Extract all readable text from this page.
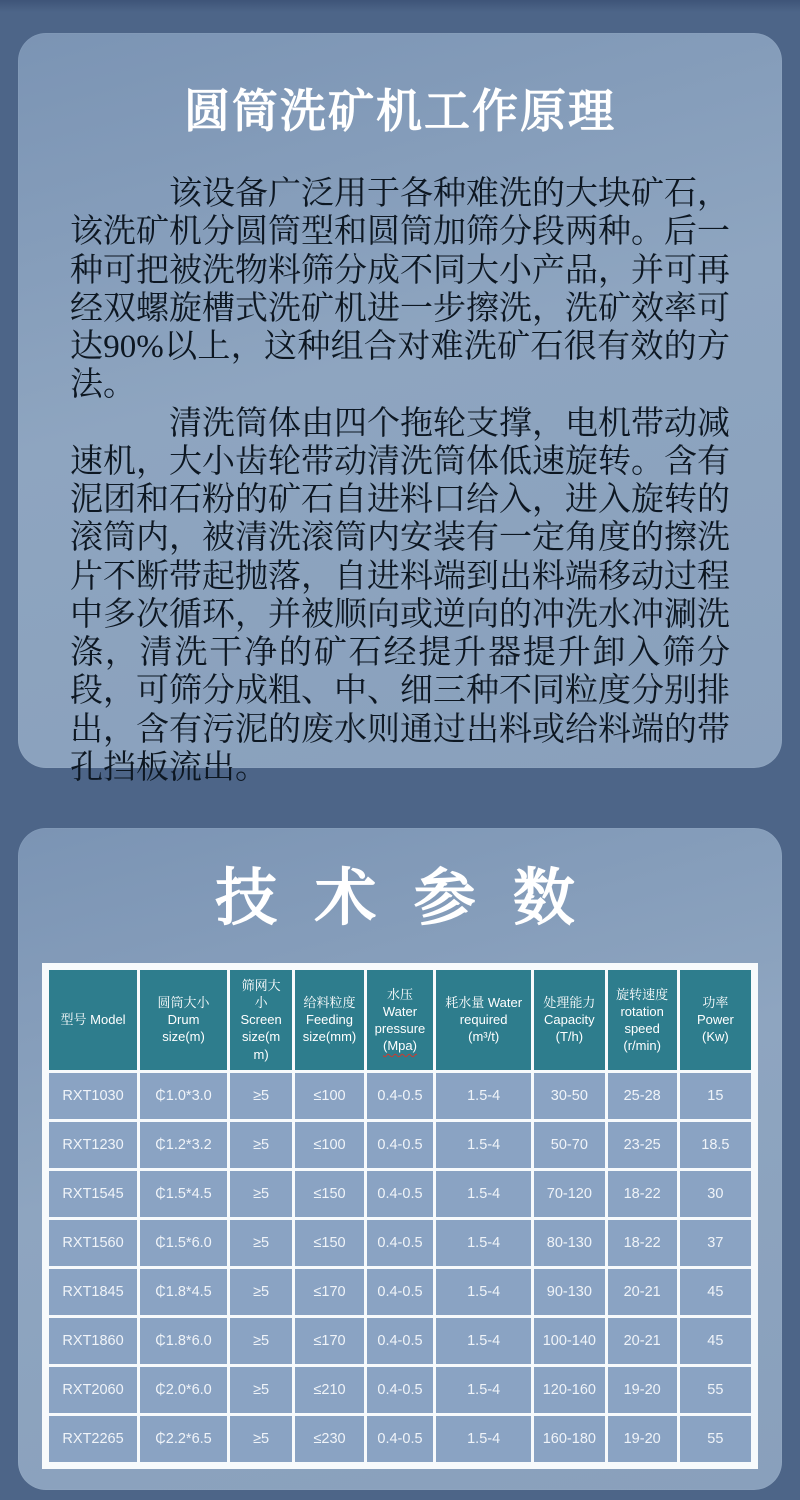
圆筒洗矿机工作原理

该设备广泛用于各种难洗的大块矿石，该洗矿机分圆筒型和圆筒加筛分段两种。后一种可把被洗物料筛分成不同大小产品，并可再经双螺旋槽式洗矿机进一步擦洗，洗矿效率可达90%以上，这种组合对难洗矿石很有效的方法。

清洗筒体由四个拖轮支撑，电机带动减速机，大小齿轮带动清洗筒体低速旋转。含有泥团和石粉的矿石自进料口给入，进入旋转的滚筒内，被清洗滚筒内安装有一定角度的擦洗片不断带起抛落，自进料端到出料端移动过程中多次循环，并被顺向或逆向的冲洗水冲涮洗涤，清洗干净的矿石经提升器提升卸入筛分段，可筛分成粗、中、细三种不同粒度分别排出，含有污泥的废水则通过出料或给料端的带孔挡板流出。

技 术 参 数
型号 Model	圆筒大小
Drum
size(m)	筛网大
小
Screen
size(m
m)	给料粒度
Feeding
size(mm)	水压
Water
pressure
(Mpa)	耗水量 Water
required
(m³/t)	处理能力
Capacity
(T/h)	旋转速度
rotation
speed
(r/min)	功率
Power
(Kw)

RXT1030	₵1.0*3.0	≥5	≤100	0.4-0.5	1.5-4	30-50	25-28	15
RXT1230	₵1.2*3.2	≥5	≤100	0.4-0.5	1.5-4	50-70	23-25	18.5
RXT1545	₵1.5*4.5	≥5	≤150	0.4-0.5	1.5-4	70-120	18-22	30
RXT1560	₵1.5*6.0	≥5	≤150	0.4-0.5	1.5-4	80-130	18-22	37
RXT1845	₵1.8*4.5	≥5	≤170	0.4-0.5	1.5-4	90-130	20-21	45
RXT1860	₵1.8*6.0	≥5	≤170	0.4-0.5	1.5-4	100-140	20-21	45
RXT2060	₵2.0*6.0	≥5	≤210	0.4-0.5	1.5-4	120-160	19-20	55
RXT2265	₵2.2*6.5	≥5	≤230	0.4-0.5	1.5-4	160-180	19-20	55
